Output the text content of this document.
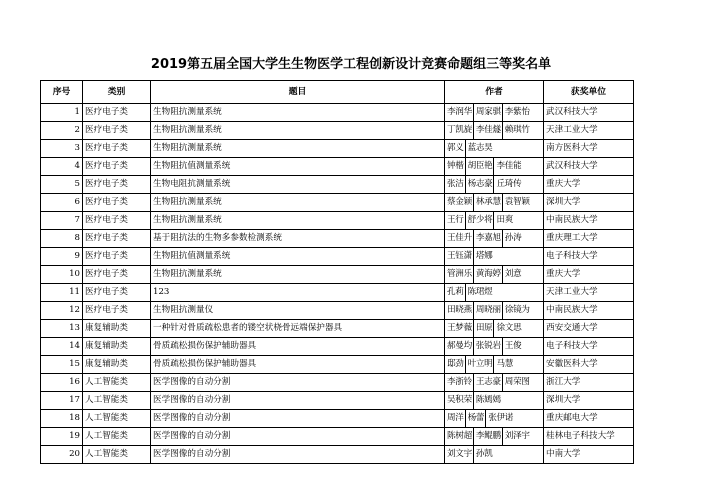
2019第五届全国大学生生物医学工程创新设计竞赛命题组三等奖名单
序号	类别	题目	作者	获奖单位
1	医疗电子类	生物阻抗测量系统	李润华 周家骐 李紫怡	武汉科技大学
2	医疗电子类	生物阻抗测量系统	丁凯旋 李佳燧 赖琪竹	天津工业大学
3	医疗电子类	生物阻抗测量系统	郭义 蓝志昊	南方医科大学
4	医疗电子类	生物阻抗值测量系统	钟楷 胡臣艳 李佳能	武汉科技大学
5	医疗电子类	生物电阻抗测量系统	张洁 杨志豪 丘琦传	重庆大学
6	医疗电子类	生物阻抗测量系统	蔡金颖 林承慧 袁智颖	深圳大学
7	医疗电子类	生物阻抗测量系统	王行 舒少将 田爽	中南民族大学
8	医疗电子类	基于阻抗法的生物多参数检测系统	王佳升 李嘉旭 孙涛	重庆理工大学
9	医疗电子类	生物阻抗值测量系统	王钰潇 塔娜	电子科技大学
10	医疗电子类	生物阻抗测量系统	管洲乐 黄海婷 刘意	重庆大学
11	医疗电子类	123	孔莉 陈珺煜	天津工业大学
12	医疗电子类	生物阻抗测量仪	田晓燕 周晓丽 徐镜为	中南民族大学
13	康复辅助类	一种针对骨质疏松患者的镂空状桡骨远端保护器具	王梦薇 田原 徐文思	西安交通大学
14	康复辅助类	骨质疏松损伤保护辅助器具	郝曼均 张锐岩 王俊	电子科技大学
15	康复辅助类	骨质疏松损伤保护辅助器具	邸劲 叶立明 马慧	安徽医科大学
16	人工智能类	医学图像的自动分割	李浙铃 王志豪 周荣图	浙江大学
17	人工智能类	医学图像的自动分割	吴积荣 陈嫣嫣	深圳大学
18	人工智能类	医学图像的自动分割	周洋 杨蕾 张伊诺	重庆邮电大学
19	人工智能类	医学图像的自动分割	陈树超 李鲲鹏 刘泽宇	桂林电子科技大学
20	人工智能类	医学图像的自动分割	刘文宇 孙凯	中南大学
